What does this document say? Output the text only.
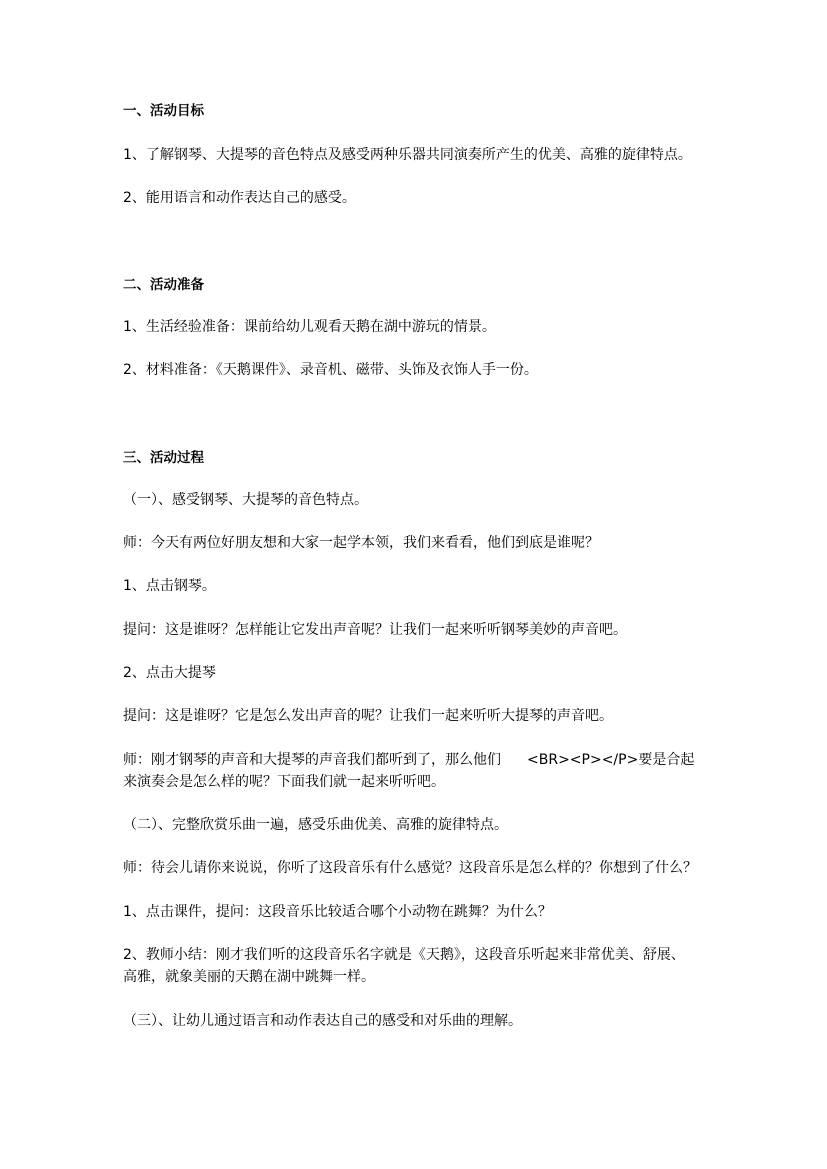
一、活动目标
1、了解钢琴、大提琴的音色特点及感受两种乐器共同演奏所产生的优美、高雅的旋律特点。
2、能用语言和动作表达自己的感受。
二、活动准备
1、生活经验准备：课前给幼儿观看天鹅在湖中游玩的情景。
2、材料准备：《天鹅课件》、录音机、磁带、头饰及衣饰人手一份。
三、活动过程
（一）、感受钢琴、大提琴的音色特点。
师：今天有两位好朋友想和大家一起学本领，我们来看看，他们到底是谁呢？
1、点击钢琴。
提问：这是谁呀？怎样能让它发出声音呢？让我们一起来听听钢琴美妙的声音吧。
2、点击大提琴
提问：这是谁呀？它是怎么发出声音的呢？让我们一起来听听大提琴的声音吧。
师：刚才钢琴的声音和大提琴的声音我们都听到了，那么他们 <BR><P></P>要是合起
来演奏会是怎么样的呢？下面我们就一起来听听吧。
（二）、完整欣赏乐曲一遍，感受乐曲优美、高雅的旋律特点。
师：待会儿请你来说说，你听了这段音乐有什么感觉？这段音乐是怎么样的？你想到了什么？
1、点击课件，提问：这段音乐比较适合哪个小动物在跳舞？为什么？
2、教师小结：刚才我们听的这段音乐名字就是《天鹅》，这段音乐听起来非常优美、舒展、
高雅，就象美丽的天鹅在湖中跳舞一样。
（三）、让幼儿通过语言和动作表达自己的感受和对乐曲的理解。
